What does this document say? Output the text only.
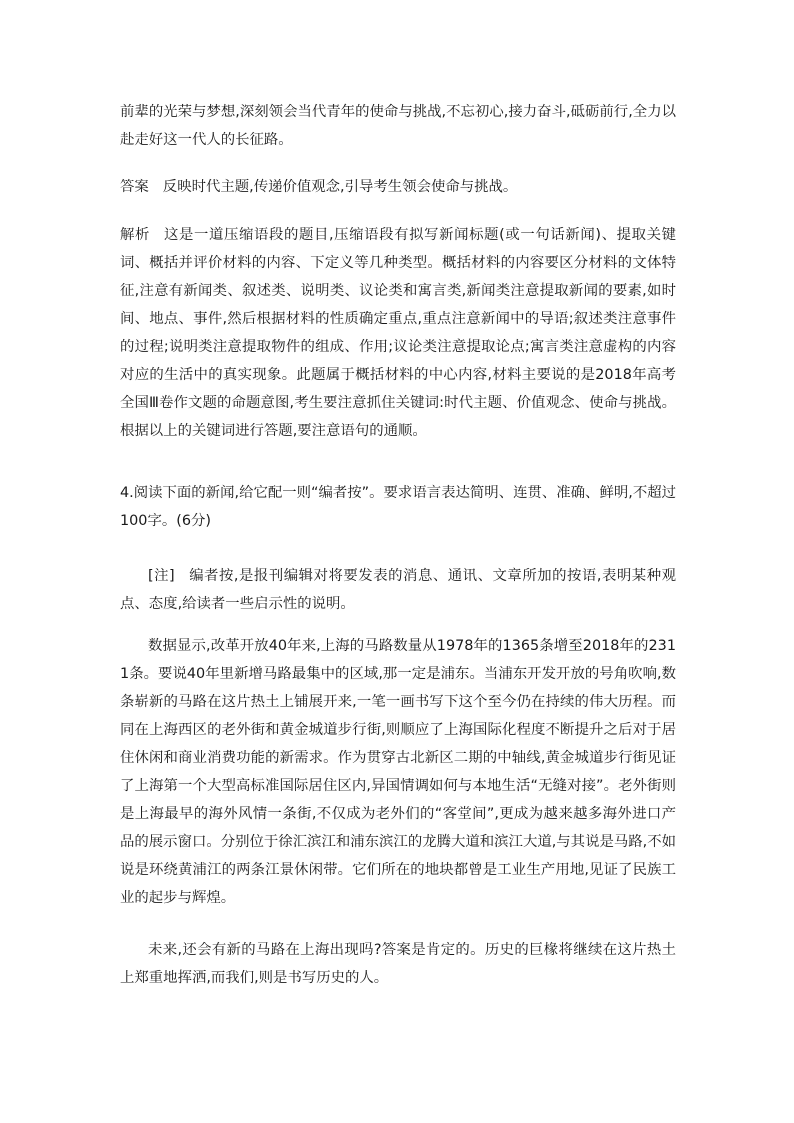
前辈的光荣与梦想,深刻领会当代青年的使命与挑战,不忘初心,接力奋斗,砥砺前行,全力以赴走好这一代人的长征路。

答案 反映时代主题,传递价值观念,引导考生领会使命与挑战。

解析 这是一道压缩语段的题目,压缩语段有拟写新闻标题(或一句话新闻)、提取关键词、概括并评价材料的内容、下定义等几种类型。概括材料的内容要区分材料的文体特征,注意有新闻类、叙述类、说明类、议论类和寓言类,新闻类注意提取新闻的要素,如时间、地点、事件,然后根据材料的性质确定重点,重点注意新闻中的导语;叙述类注意事件的过程;说明类注意提取物件的组成、作用;议论类注意提取论点;寓言类注意虚构的内容对应的生活中的真实现象。此题属于概括材料的中心内容,材料主要说的是2018年高考全国Ⅲ卷作文题的命题意图,考生要注意抓住关键词:时代主题、价值观念、使命与挑战。根据以上的关键词进行答题,要注意语句的通顺。

4.阅读下面的新闻,给它配一则“编者按”。要求语言表达简明、连贯、准确、鲜明,不超过100字。(6分)

[注] 编者按,是报刊编辑对将要发表的消息、通讯、文章所加的按语,表明某种观点、态度,给读者一些启示性的说明。

数据显示,改革开放40年来,上海的马路数量从1978年的1365条增至2018年的2311条。要说40年里新增马路最集中的区域,那一定是浦东。当浦东开发开放的号角吹响,数条崭新的马路在这片热土上铺展开来,一笔一画书写下这个至今仍在持续的伟大历程。而同在上海西区的老外街和黄金城道步行街,则顺应了上海国际化程度不断提升之后对于居住休闲和商业消费功能的新需求。作为贯穿古北新区二期的中轴线,黄金城道步行街见证了上海第一个大型高标准国际居住区内,异国情调如何与本地生活“无缝对接”。老外街则是上海最早的海外风情一条街,不仅成为老外们的“客堂间”,更成为越来越多海外进口产品的展示窗口。分别位于徐汇滨江和浦东滨江的龙腾大道和滨江大道,与其说是马路,不如说是环绕黄浦江的两条江景休闲带。它们所在的地块都曾是工业生产用地,见证了民族工业的起步与辉煌。

未来,还会有新的马路在上海出现吗?答案是肯定的。历史的巨椽将继续在这片热土上郑重地挥洒,而我们,则是书写历史的人。
